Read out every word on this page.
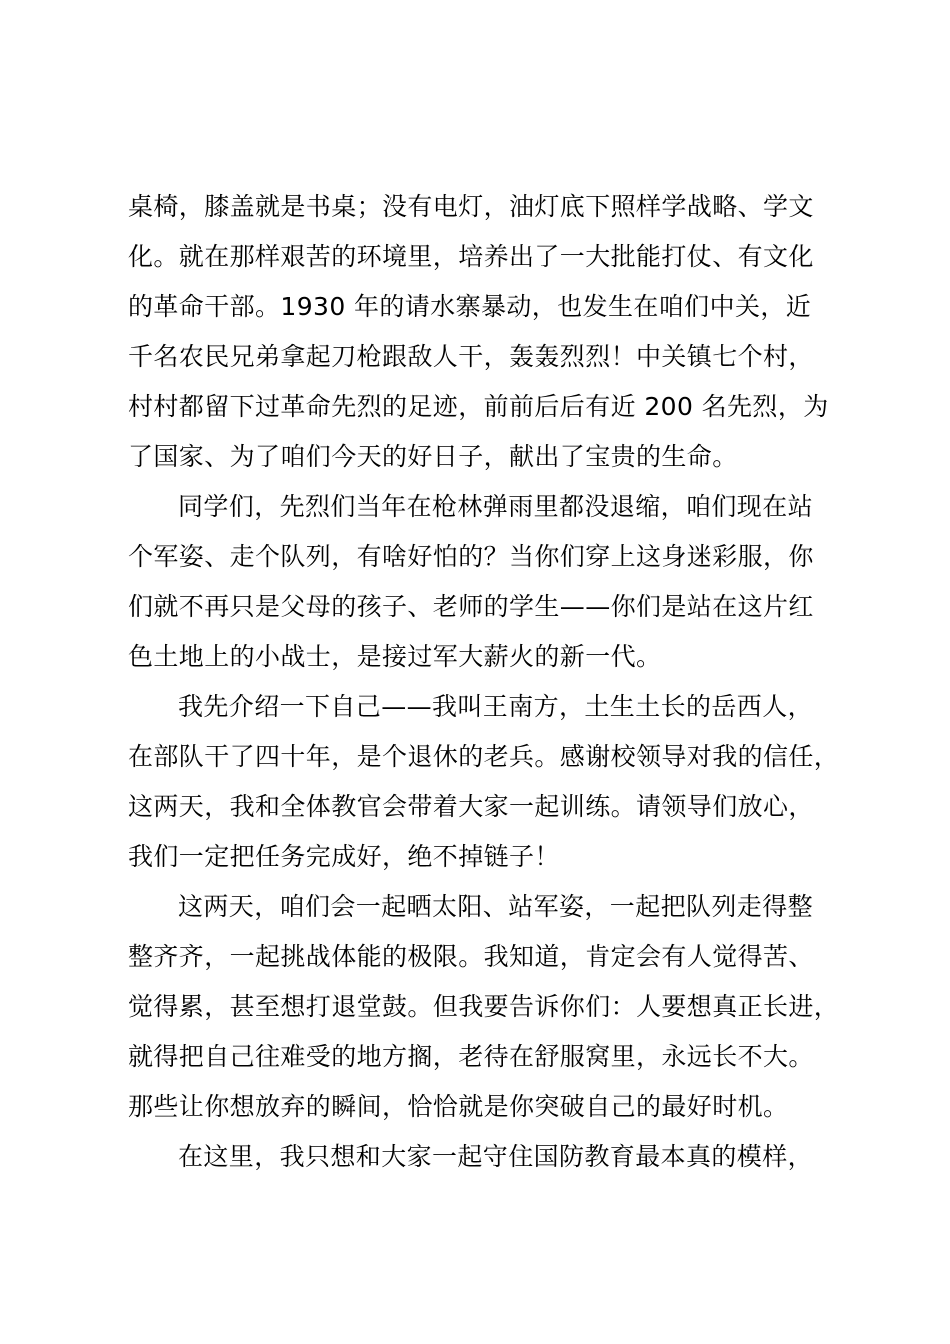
桌椅，膝盖就是书桌；没有电灯，油灯底下照样学战略、学文
化。就在那样艰苦的环境里，培养出了一大批能打仗、有文化
的革命干部。1930 年的请水寨暴动，也发生在咱们中关，近
千名农民兄弟拿起刀枪跟敌人干，轰轰烈烈！中关镇七个村，
村村都留下过革命先烈的足迹，前前后后有近 200 名先烈，为
了国家、为了咱们今天的好日子，献出了宝贵的生命。
同学们，先烈们当年在枪林弹雨里都没退缩，咱们现在站
个军姿、走个队列，有啥好怕的？当你们穿上这身迷彩服，你
们就不再只是父母的孩子、老师的学生——你们是站在这片红
色土地上的小战士，是接过军大薪火的新一代。
我先介绍一下自己——我叫王南方，土生土长的岳西人，
在部队干了四十年，是个退休的老兵。感谢校领导对我的信任，
这两天，我和全体教官会带着大家一起训练。请领导们放心，
我们一定把任务完成好，绝不掉链子！
这两天，咱们会一起晒太阳、站军姿，一起把队列走得整
整齐齐，一起挑战体能的极限。我知道，肯定会有人觉得苦、
觉得累，甚至想打退堂鼓。但我要告诉你们：人要想真正长进，
就得把自己往难受的地方搁，老待在舒服窝里，永远长不大。
那些让你想放弃的瞬间，恰恰就是你突破自己的最好时机。
在这里，我只想和大家一起守住国防教育最本真的模样，
